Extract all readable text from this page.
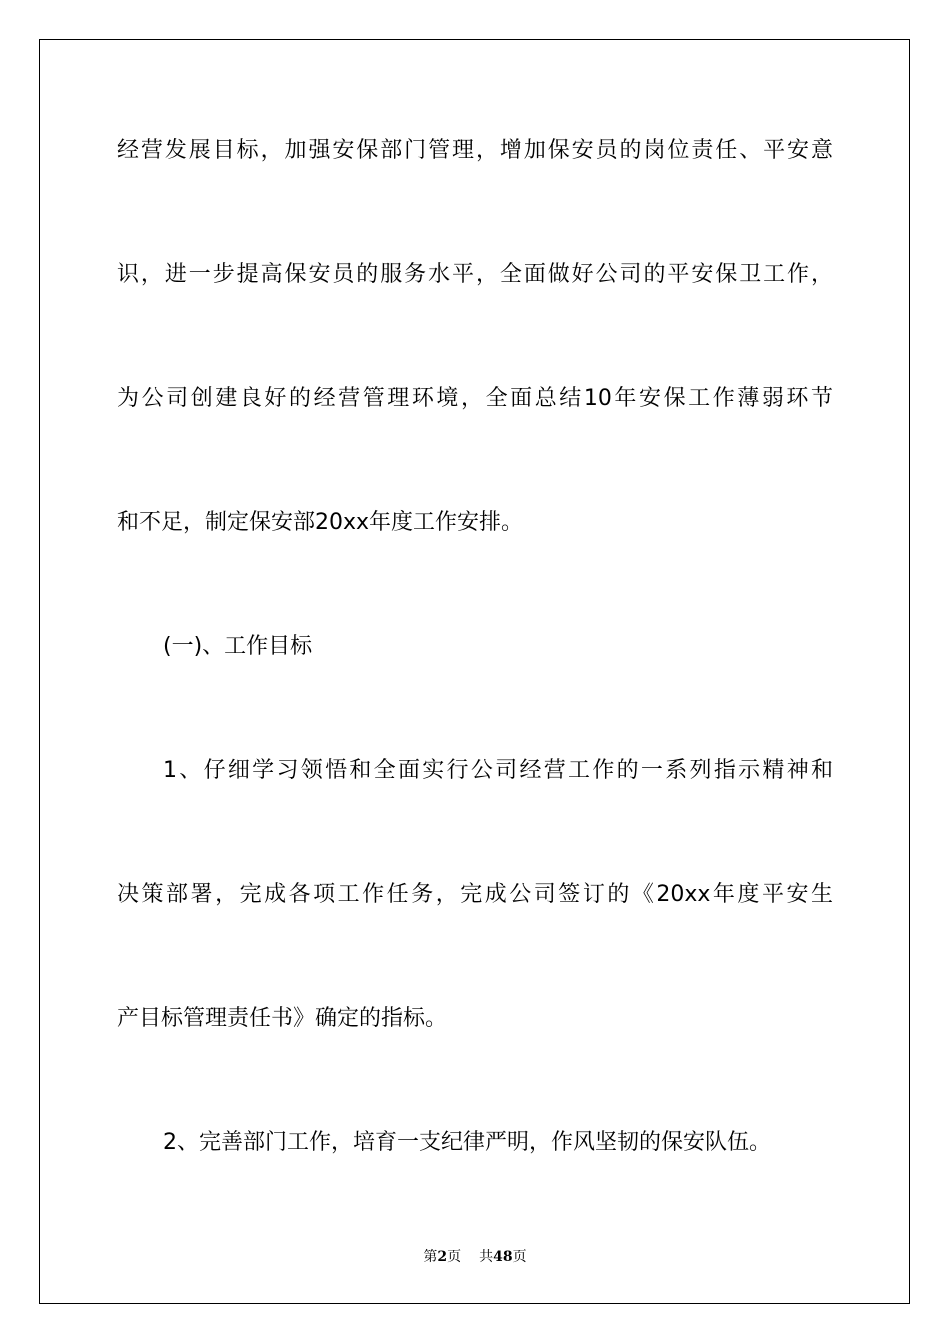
经营发展目标，加强安保部门管理，增加保安员的岗位责任、平安意
识，进一步提高保安员的服务水平，全面做好公司的平安保卫工作，
为公司创建良好的经营管理环境，全面总结10年安保工作薄弱环节
和不足，制定保安部20xx年度工作安排。
(一)、工作目标
1、仔细学习领悟和全面实行公司经营工作的一系列指示精神和
决策部署，完成各项工作任务，完成公司签订的《20xx年度平安生
产目标管理责任书》确定的指标。
2、完善部门工作，培育一支纪律严明，作风坚韧的保安队伍。
第2页 共48页
